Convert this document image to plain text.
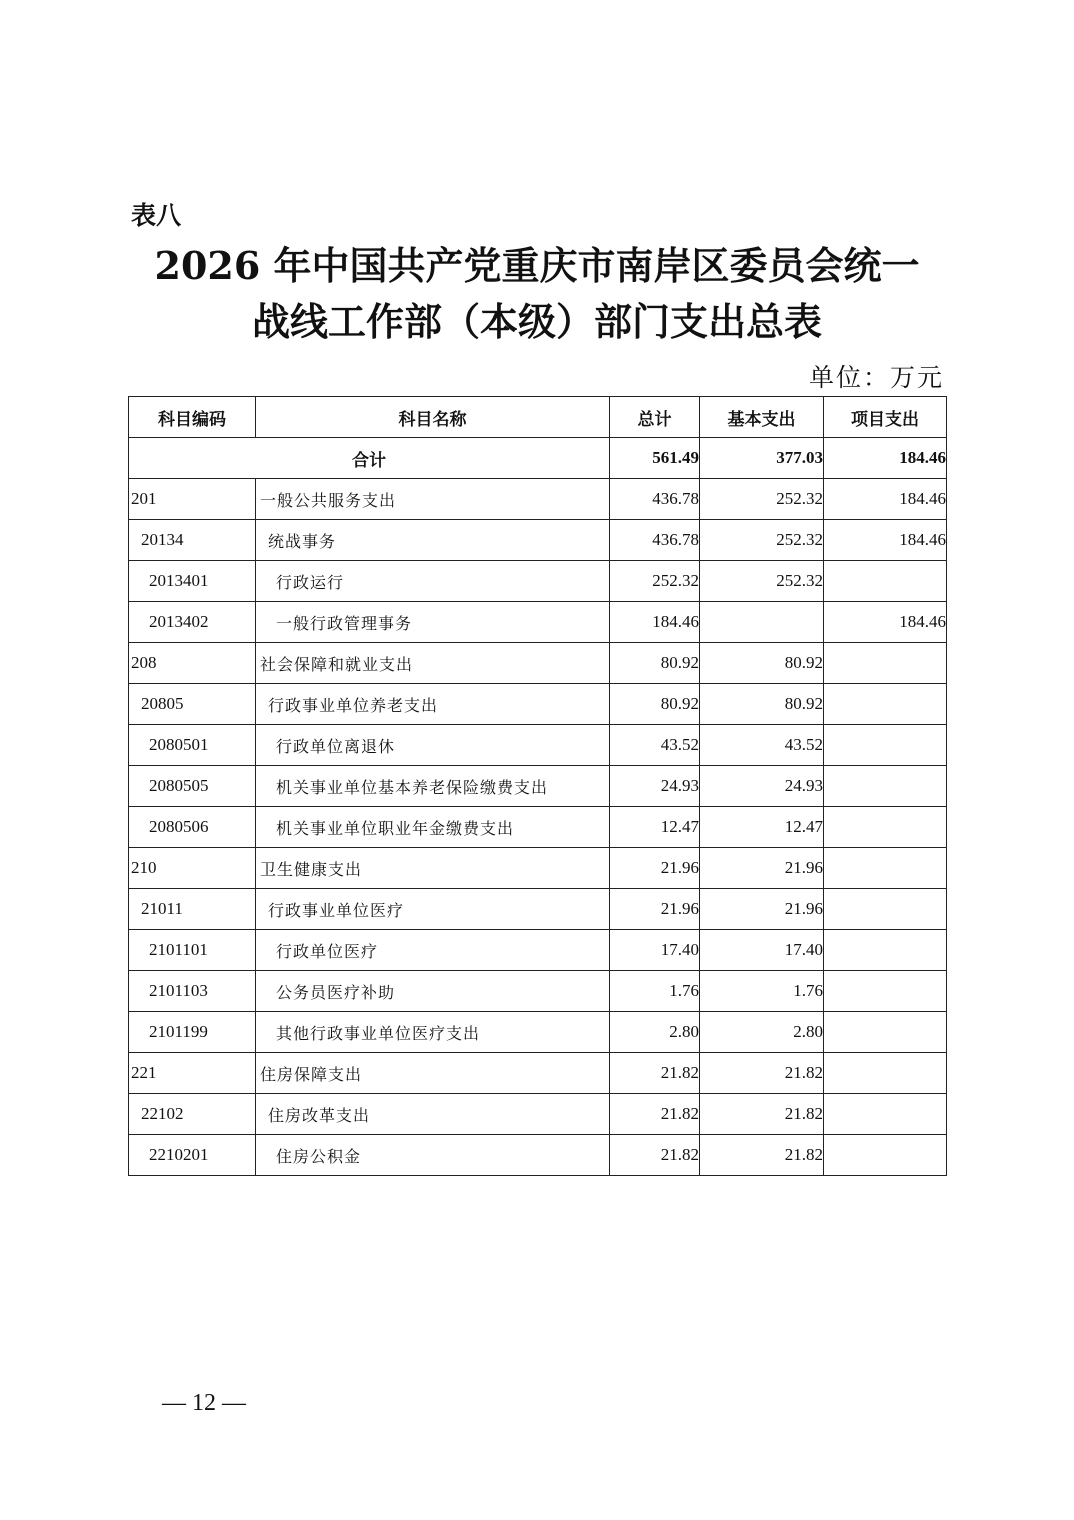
表八
2026 年中国共产党重庆市南岸区委员会统一
战线工作部（本级）部门支出总表
单位：万元
科目编码	科目名称	总计	基本支出	项目支出
合计		561.49	377.03	184.46
201	一般公共服务支出	436.78	252.32	184.46
20134	统战事务	436.78	252.32	184.46
2013401	行政运行	252.32	252.32	
2013402	一般行政管理事务	184.46		184.46
208	社会保障和就业支出	80.92	80.92	
20805	行政事业单位养老支出	80.92	80.92	
2080501	行政单位离退休	43.52	43.52	
2080505	机关事业单位基本养老保险缴费支出	24.93	24.93	
2080506	机关事业单位职业年金缴费支出	12.47	12.47	
210	卫生健康支出	21.96	21.96	
21011	行政事业单位医疗	21.96	21.96	
2101101	行政单位医疗	17.40	17.40	
2101103	公务员医疗补助	1.76	1.76	
2101199	其他行政事业单位医疗支出	2.80	2.80	
221	住房保障支出	21.82	21.82	
22102	住房改革支出	21.82	21.82	
2210201	住房公积金	21.82	21.82	
— 12 —
